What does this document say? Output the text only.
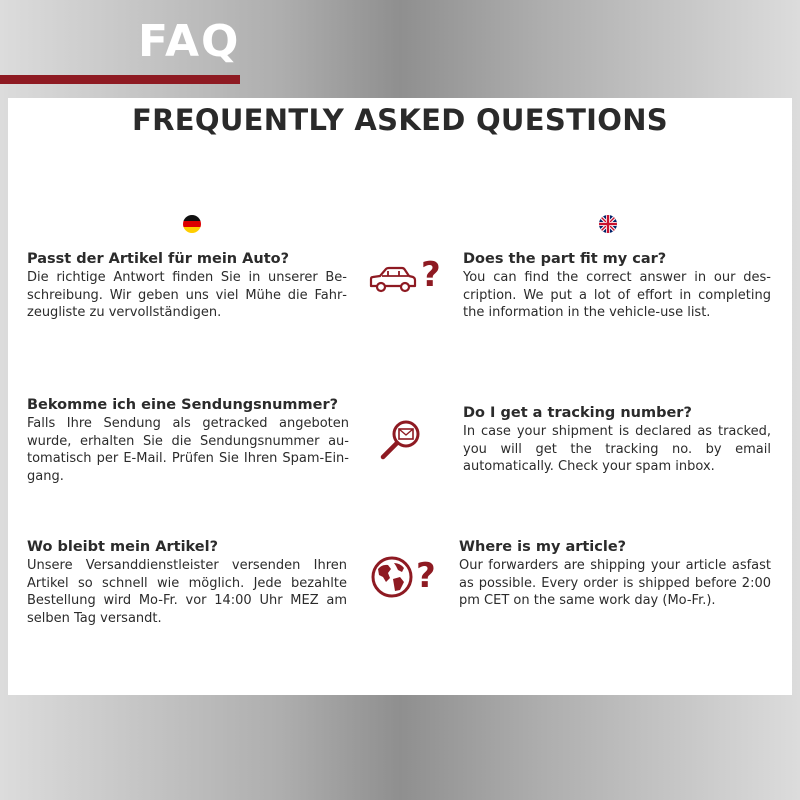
FAQ
FREQUENTLY ASKED QUESTIONS
Passt der Artikel für mein Auto?
Die richtige Antwort finden Sie in unserer Beschreibung. Wir geben uns viel Mühe die Fahrzeugliste zu vervollständigen.
Does the part fit my car?
You can find the correct answer in our description. We put a lot of effort in completing the information in the vehicle-use list.
?
Bekomme ich eine Sendungsnummer?
Falls Ihre Sendung als getracked angeboten wurde, erhalten Sie die Sendungsnummer automatisch per E-Mail. Prüfen Sie Ihren Spam-Eingang.
Do I get a tracking number?
In case your shipment is declared as tracked, you will get the tracking no. by email automatically. Check your spam inbox.
Wo bleibt mein Artikel?
Unsere Versanddienstleister versenden Ihren Artikel so schnell wie möglich. Jede bezahlte Bestellung wird Mo-Fr. vor 14:00 Uhr MEZ am selben Tag versandt.
Where is my article?
Our forwarders are shipping your article asfast as possible. Every order is shipped before 2:00 pm CET on the same work day (Mo-Fr.).
?
